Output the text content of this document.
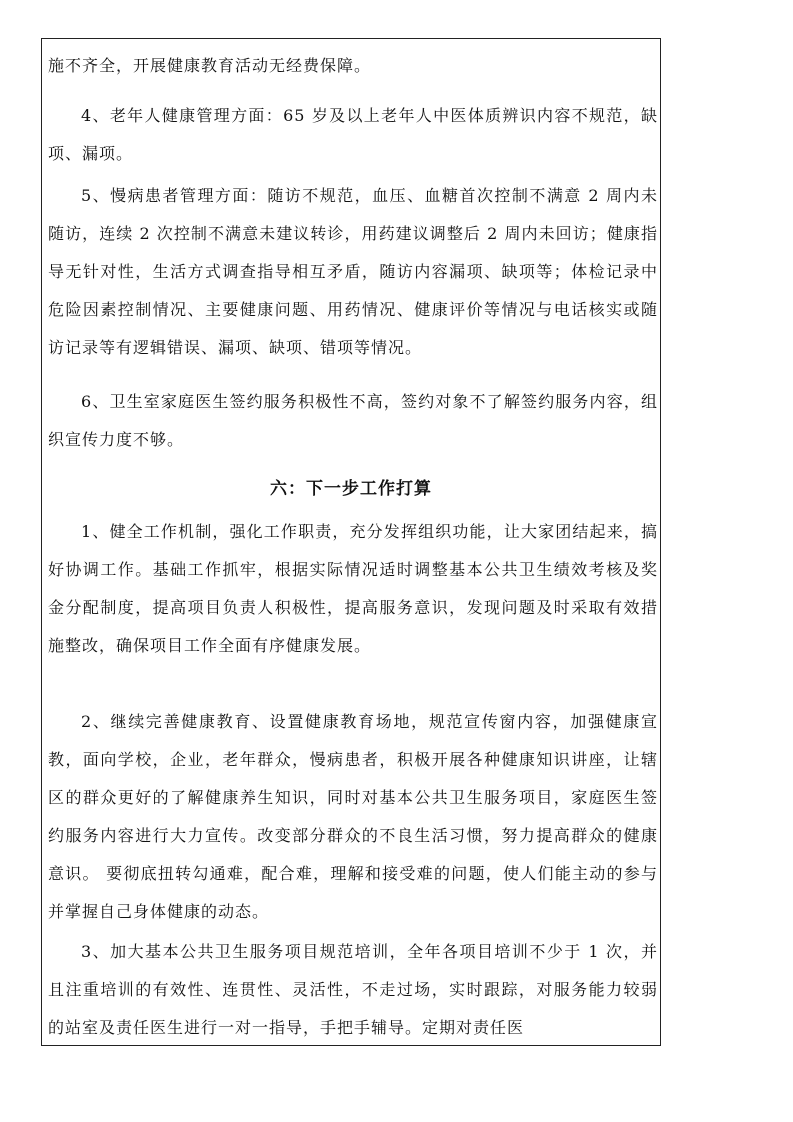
施不齐全，开展健康教育活动无经费保障。
4、老年人健康管理方面：65 岁及以上老年人中医体质辨识内容不规范，缺项、漏项。
5、慢病患者管理方面：随访不规范，血压、血糖首次控制不满意 2 周内未随访，连续 2 次控制不满意未建议转诊，用药建议调整后 2 周内未回访；健康指导无针对性，生活方式调查指导相互矛盾，随访内容漏项、缺项等；体检记录中危险因素控制情况、主要健康问题、用药情况、健康评价等情况与电话核实或随访记录等有逻辑错误、漏项、缺项、错项等情况。
6、卫生室家庭医生签约服务积极性不高，签约对象不了解签约服务内容，组织宣传力度不够。
六：下一步工作打算
1、健全工作机制，强化工作职责，充分发挥组织功能，让大家团结起来，搞好协调工作。基础工作抓牢，根据实际情况适时调整基本公共卫生绩效考核及奖金分配制度，提高项目负责人积极性，提高服务意识，发现问题及时采取有效措施整改，确保项目工作全面有序健康发展。
2、继续完善健康教育、设置健康教育场地，规范宣传窗内容，加强健康宣教，面向学校，企业，老年群众，慢病患者，积极开展各种健康知识讲座，让辖区的群众更好的了解健康养生知识，同时对基本公共卫生服务项目，家庭医生签约服务内容进行大力宣传。改变部分群众的不良生活习惯，努力提高群众的健康意识。 要彻底扭转勾通难，配合难，理解和接受难的问题，使人们能主动的参与并掌握自己身体健康的动态。
3、加大基本公共卫生服务项目规范培训，全年各项目培训不少于 1 次，并且注重培训的有效性、连贯性、灵活性，不走过场，实时跟踪，对服务能力较弱的站室及责任医生进行一对一指导，手把手辅导。定期对责任医
